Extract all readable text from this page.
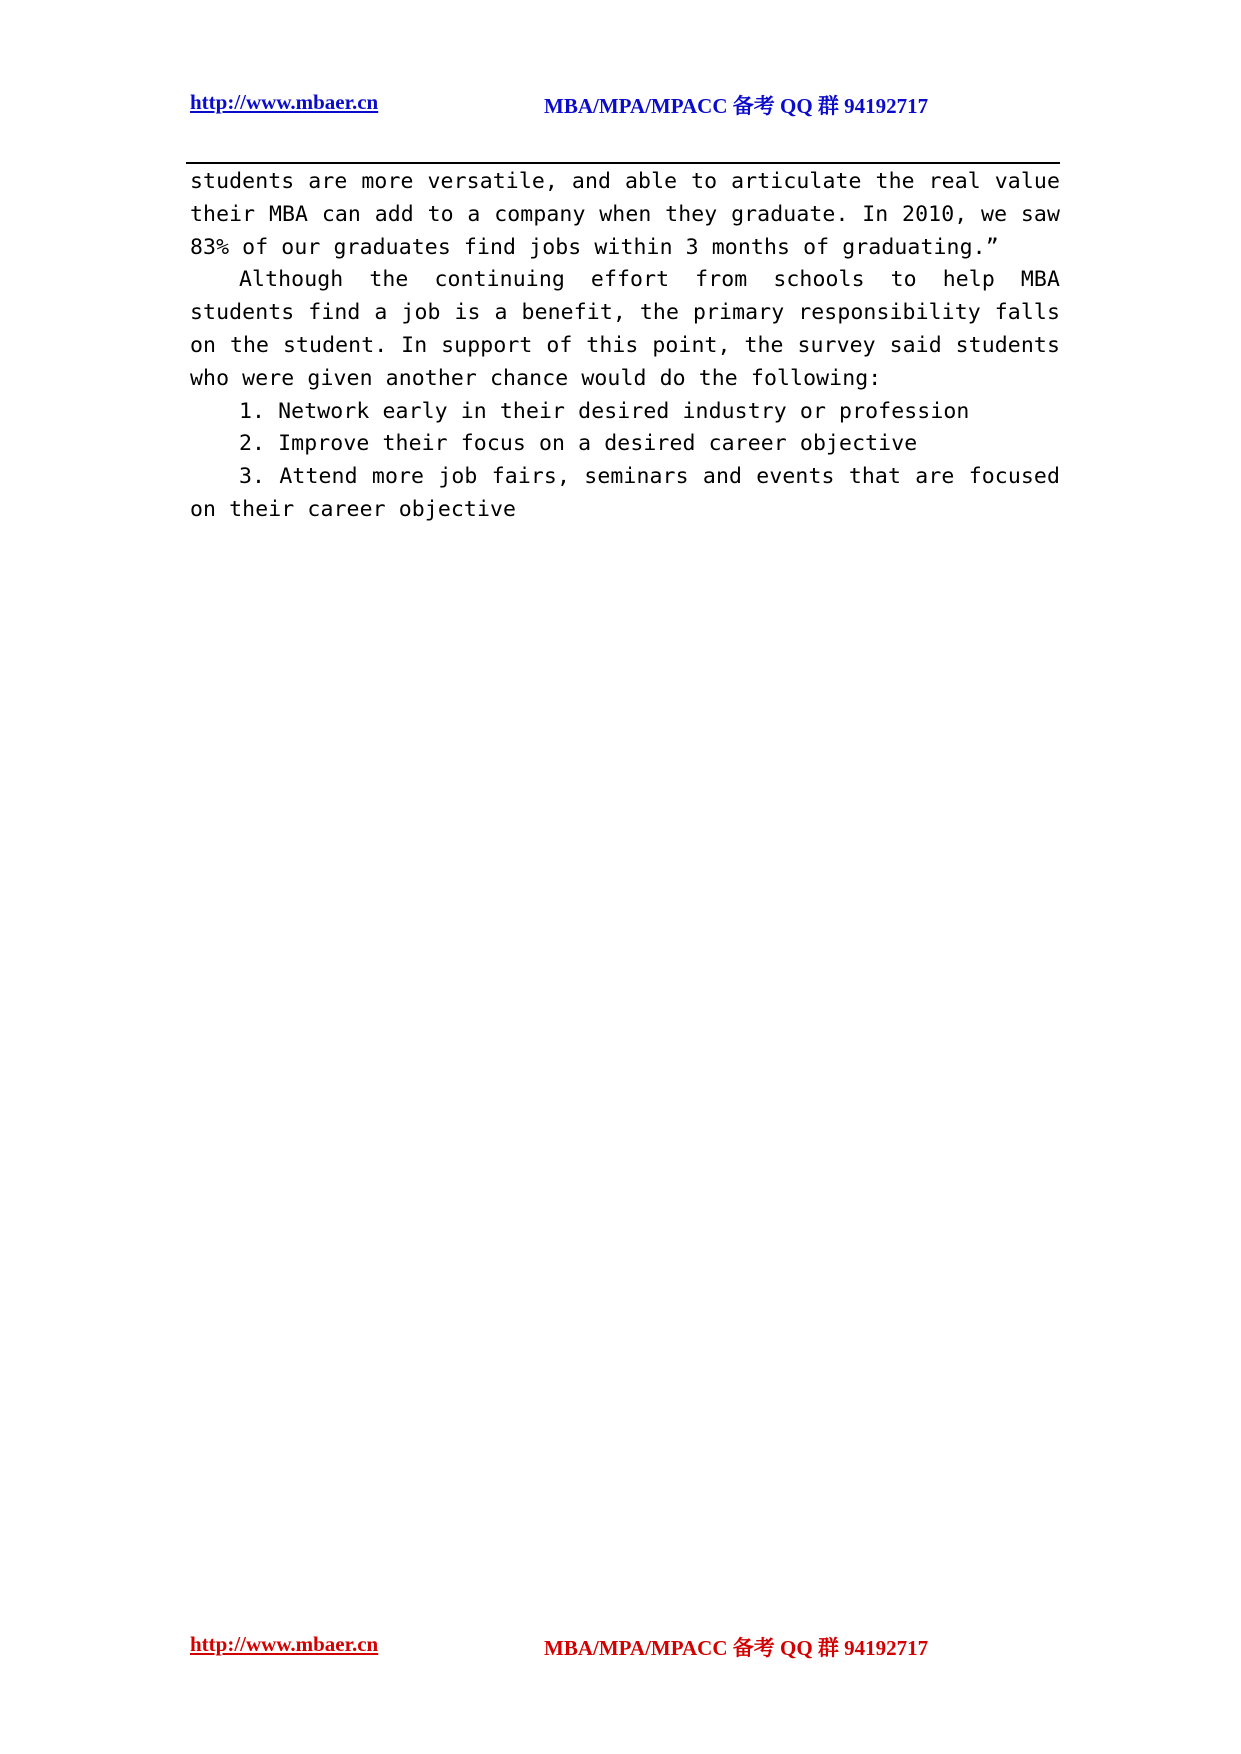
http://www.mbaer.cn	MBA/MPA/MPACC 备考 QQ 群 94192717

students are more versatile, and able to articulate the real value their MBA can add to a company when they graduate. In 2010, we saw 83% of our graduates find jobs within 3 months of graduating.”

Although the continuing effort from schools to help MBA students find a job is a benefit, the primary responsibility falls on the student. In support of this point, the survey said students who were given another chance would do the following:

1. Network early in their desired industry or profession

2. Improve their focus on a desired career objective

3. Attend more job fairs, seminars and events that are focused on their career objective

http://www.mbaer.cn	MBA/MPA/MPACC 备考 QQ 群 94192717
